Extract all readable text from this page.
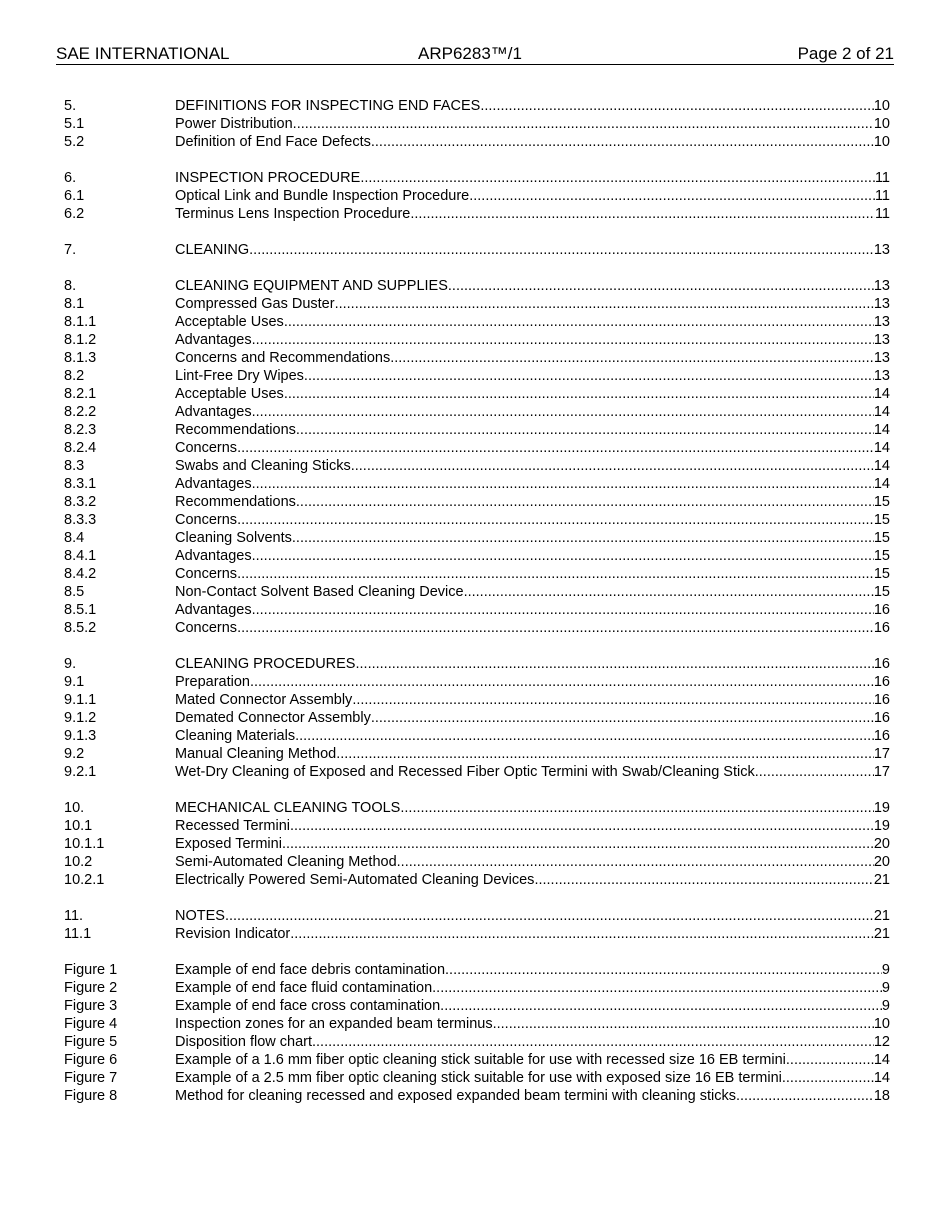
SAE INTERNATIONAL	ARP6283™/1	Page 2 of 21
5.	DEFINITIONS FOR INSPECTING END FACES .....	10
5.1	Power Distribution .....	10
5.2	Definition of End Face Defects .....	10
6.	INSPECTION PROCEDURE .....	11
6.1	Optical Link and Bundle Inspection Procedure .....	11
6.2	Terminus Lens Inspection Procedure .....	11
7.	CLEANING .....	13
8.	CLEANING EQUIPMENT AND SUPPLIES .....	13
8.1	Compressed Gas Duster .....	13
8.1.1	Acceptable Uses .....	13
8.1.2	Advantages .....	13
8.1.3	Concerns and Recommendations .....	13
8.2	Lint-Free Dry Wipes .....	13
8.2.1	Acceptable Uses .....	14
8.2.2	Advantages .....	14
8.2.3	Recommendations .....	14
8.2.4	Concerns .....	14
8.3	Swabs and Cleaning Sticks .....	14
8.3.1	Advantages .....	14
8.3.2	Recommendations .....	15
8.3.3	Concerns .....	15
8.4	Cleaning Solvents .....	15
8.4.1	Advantages .....	15
8.4.2	Concerns .....	15
8.5	Non-Contact Solvent Based Cleaning Device .....	15
8.5.1	Advantages .....	16
8.5.2	Concerns .....	16
9.	CLEANING PROCEDURES .....	16
9.1	Preparation .....	16
9.1.1	Mated Connector Assembly .....	16
9.1.2	Demated Connector Assembly .....	16
9.1.3	Cleaning Materials .....	16
9.2	Manual Cleaning Method .....	17
9.2.1	Wet-Dry Cleaning of Exposed and Recessed Fiber Optic Termini with Swab/Cleaning Stick .....	17
10.	MECHANICAL CLEANING TOOLS .....	19
10.1	Recessed Termini .....	19
10.1.1	Exposed Termini .....	20
10.2	Semi-Automated Cleaning Method .....	20
10.2.1	Electrically Powered Semi-Automated Cleaning Devices .....	21
11.	NOTES .....	21
11.1	Revision Indicator .....	21
Figure 1	Example of end face debris contamination .....	9
Figure 2	Example of end face fluid contamination .....	9
Figure 3	Example of end face cross contamination .....	9
Figure 4	Inspection zones for an expanded beam terminus .....	10
Figure 5	Disposition flow chart .....	12
Figure 6	Example of a 1.6 mm fiber optic cleaning stick suitable for use with recessed size 16 EB termini .....	14
Figure 7	Example of a 2.5 mm fiber optic cleaning stick suitable for use with exposed size 16 EB termini .....	14
Figure 8	Method for cleaning recessed and exposed expanded beam termini with cleaning sticks .....	18
